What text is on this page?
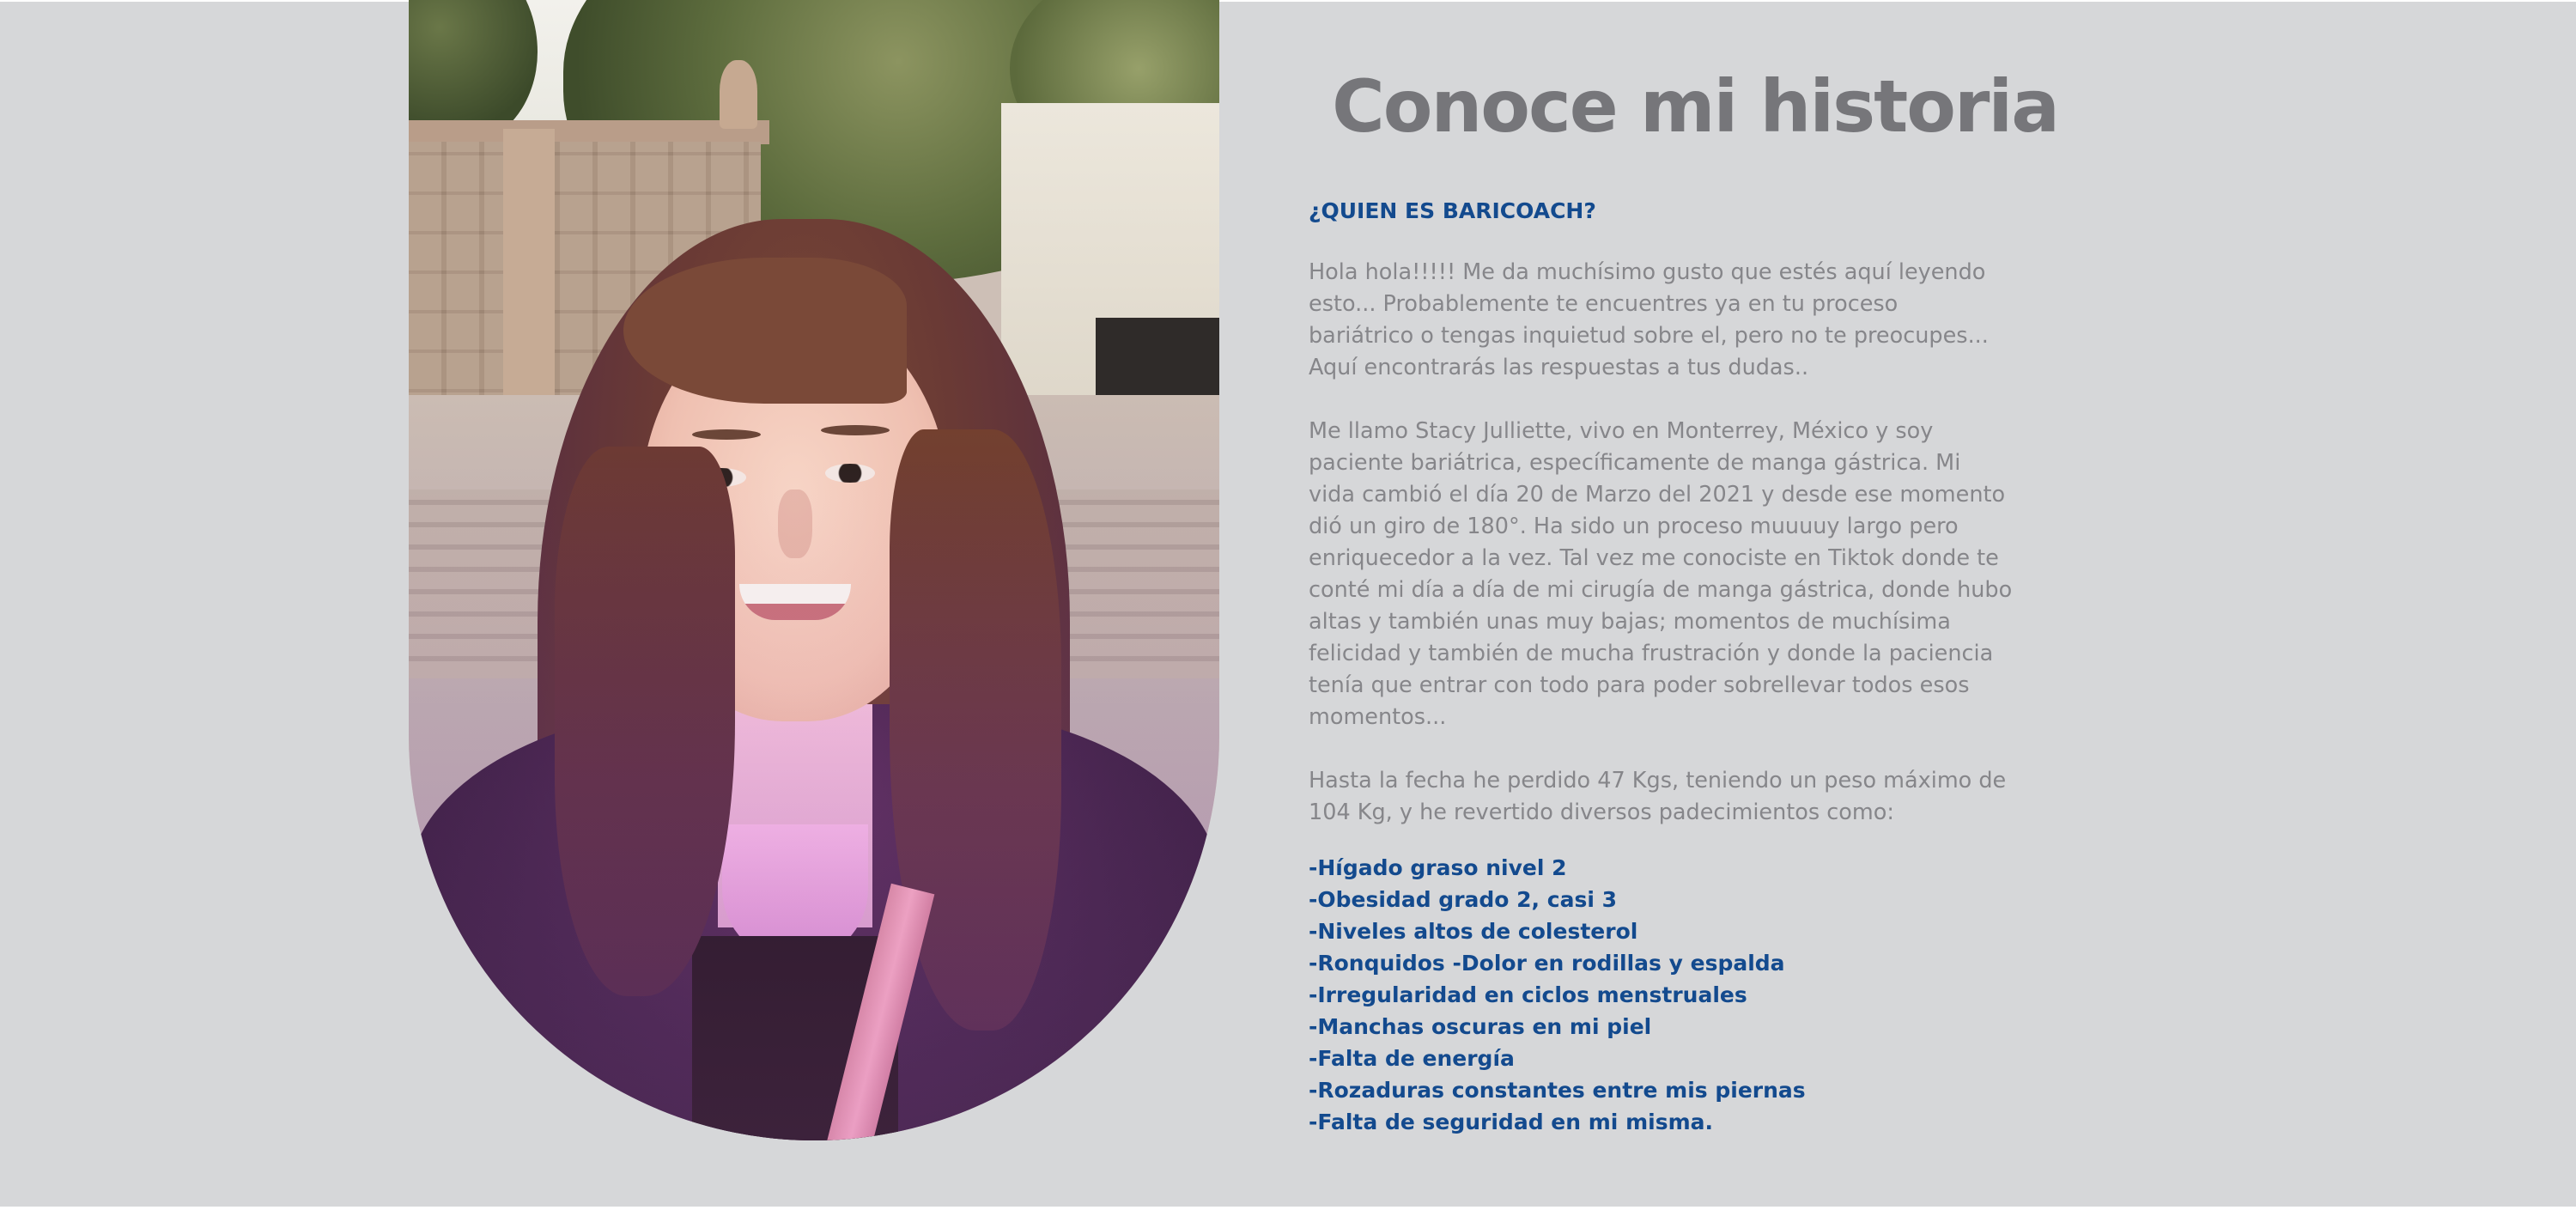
Conoce mi historia
¿QUIEN ES BARICOACH?

Hola hola!!!!! Me da muchísimo gusto que estés aquí leyendo
esto... Probablemente te encuentres ya en tu proceso
bariátrico o tengas inquietud sobre el, pero no te preocupes...
Aquí encontrarás las respuestas a tus dudas..

Me llamo Stacy Julliette, vivo en Monterrey, México y soy
paciente bariátrica, específicamente de manga gástrica. Mi
vida cambió el día 20 de Marzo del 2021 y desde ese momento
dió un giro de 180°. Ha sido un proceso muuuuy largo pero
enriquecedor a la vez. Tal vez me conociste en Tiktok donde te
conté mi día a día de mi cirugía de manga gástrica, donde hubo
altas y también unas muy bajas; momentos de muchísima
felicidad y también de mucha frustración y donde la paciencia
tenía que entrar con todo para poder sobrellevar todos esos
momentos...

Hasta la fecha he perdido 47 Kgs, teniendo un peso máximo de
104 Kg, y he revertido diversos padecimientos como:

-Hígado graso nivel 2
-Obesidad grado 2, casi 3
-Niveles altos de colesterol
-Ronquidos -Dolor en rodillas y espalda
-Irregularidad en ciclos menstruales
-Manchas oscuras en mi piel
-Falta de energía
-Rozaduras constantes entre mis piernas
-Falta de seguridad en mi misma.
